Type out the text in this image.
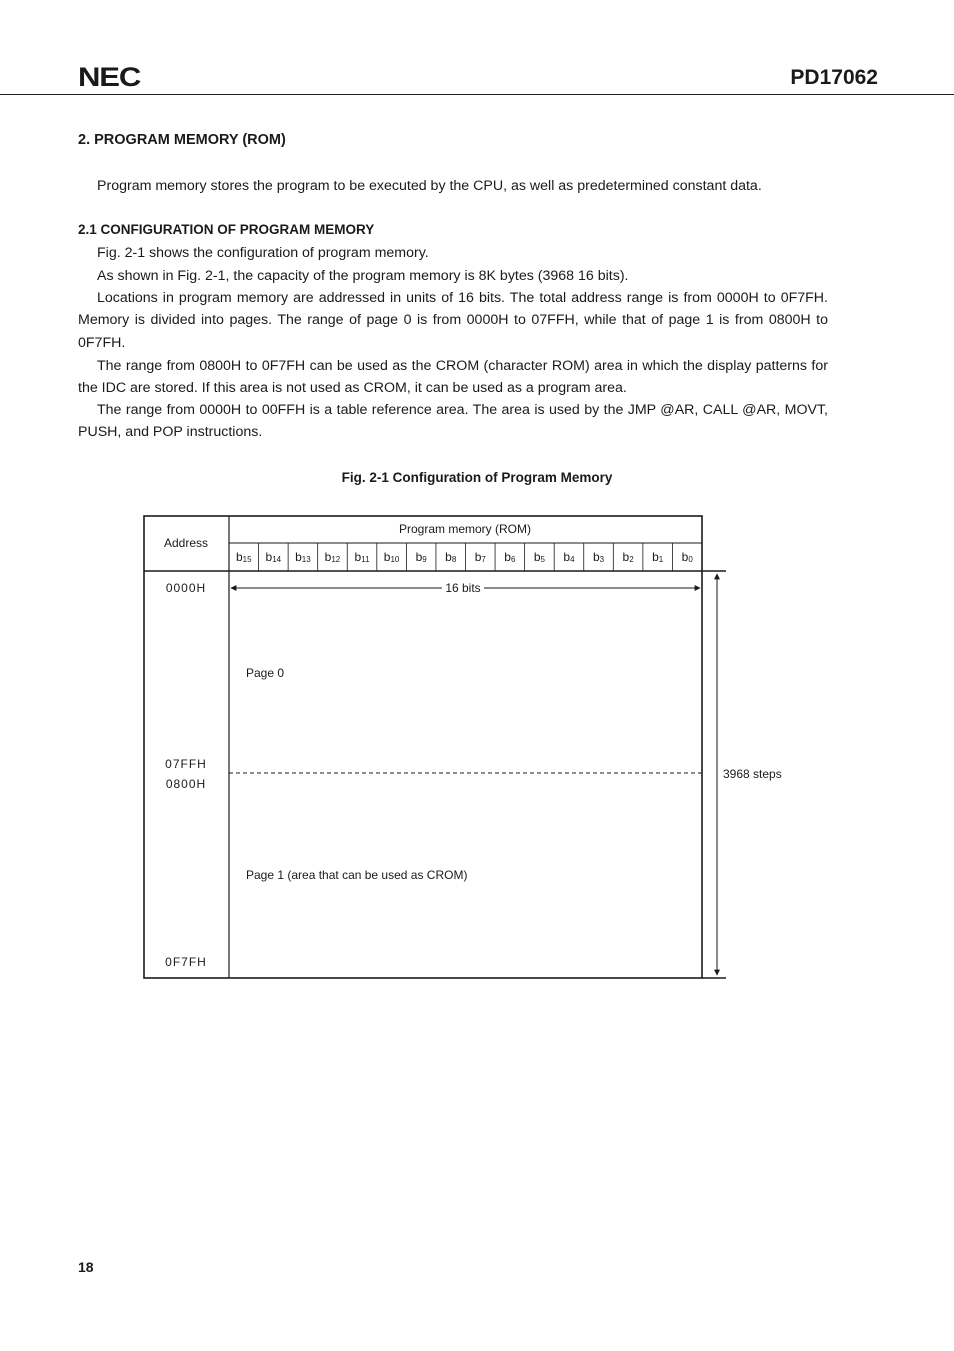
NEC	PD17062
2. PROGRAM MEMORY (ROM)

Program memory stores the program to be executed by the CPU, as well as predetermined constant data.

2.1 CONFIGURATION OF PROGRAM MEMORY

Fig. 2-1 shows the configuration of program memory.

As shown in Fig. 2-1, the capacity of the program memory is 8K bytes (3968 16 bits).

Locations in program memory are addressed in units of 16 bits. The total address range is from 0000H to 0F7FH. Memory is divided into pages. The range of page 0 is from 0000H to 07FFH, while that of page 1 is from 0800H to 0F7FH.

The range from 0800H to 0F7FH can be used as the CROM (character ROM) area in which the display patterns for the IDC are stored. If this area is not used as CROM, it can be used as a program area.

The range from 0000H to 00FFH is a table reference area. The area is used by the JMP @AR, CALL @AR, MOVT, PUSH, and POP instructions.

Fig. 2-1 Configuration of Program Memory
Address
Program memory (ROM)
0000H
07FFH
0800H
0F7FH
16 bits
Page 0
Page 1 (area that can be used as CROM)
3968 steps
b15 b14 b13 b12 b11 b10 b9 b8 b7 b6 b5 b4 b3 b2 b1 b0
18
